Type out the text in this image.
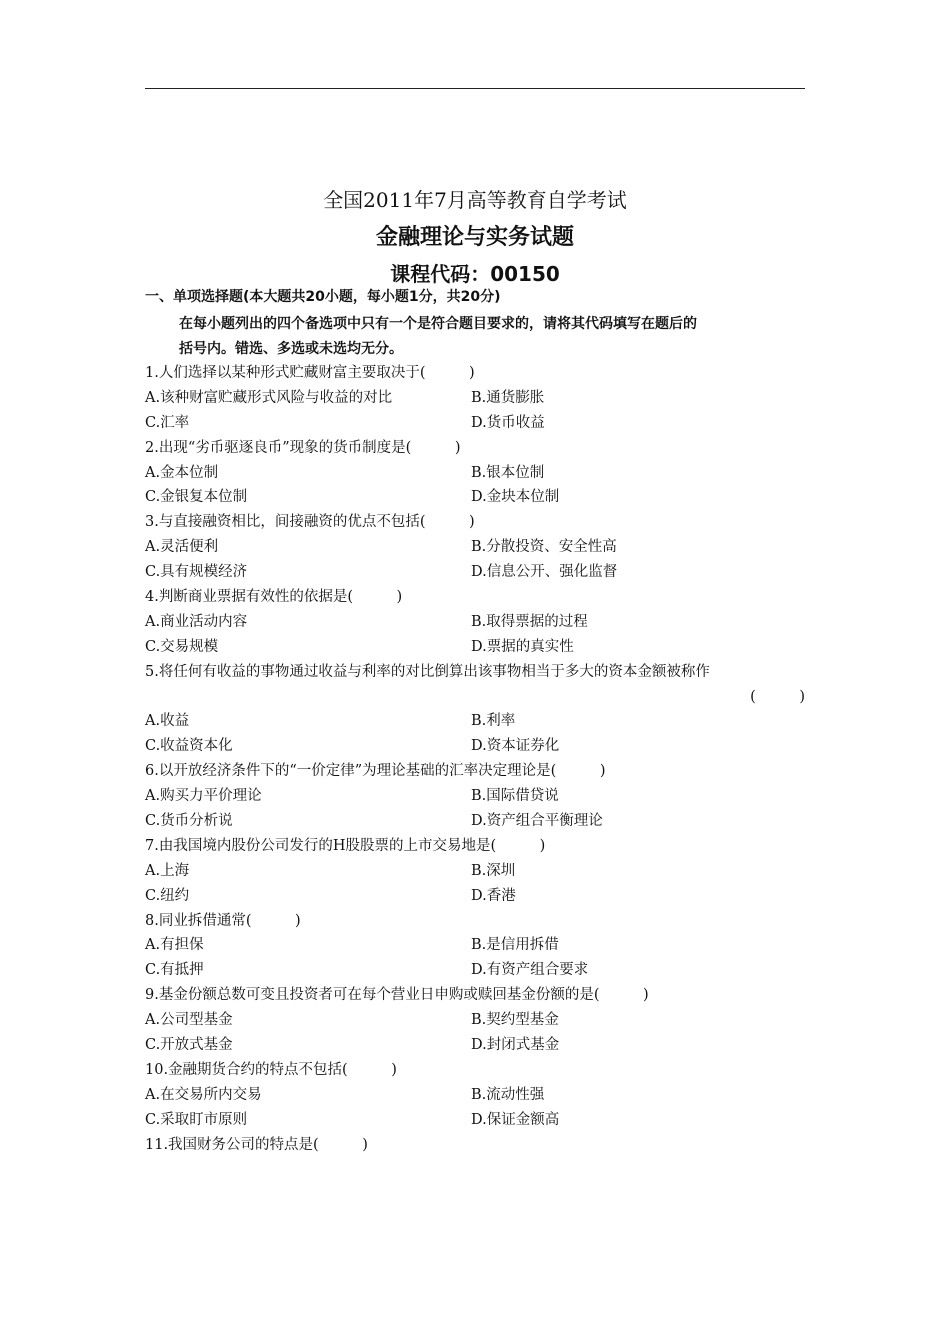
全国2011年7月高等教育自学考试
金融理论与实务试题
课程代码：00150
一、单项选择题(本大题共20小题，每小题1分，共20分)
在每小题列出的四个备选项中只有一个是符合题目要求的，请将其代码填写在题后的
括号内。错选、多选或未选均无分。
1.人们选择以某种形式贮藏财富主要取决于(　　　)
A.该种财富贮藏形式风险与收益的对比	B.通货膨胀
C.汇率	D.货币收益
2.出现“劣币驱逐良币”现象的货币制度是(　　　)
A.金本位制	B.银本位制
C.金银复本位制	D.金块本位制
3.与直接融资相比，间接融资的优点不包括(　　　)
A.灵活便利	B.分散投资、安全性高
C.具有规模经济	D.信息公开、强化监督
4.判断商业票据有效性的依据是(　　　)
A.商业活动内容	B.取得票据的过程
C.交易规模	D.票据的真实性
5.将任何有收益的事物通过收益与利率的对比倒算出该事物相当于多大的资本金额被称作
(　　　)
A.收益	B.利率
C.收益资本化	D.资本证券化
6.以开放经济条件下的“一价定律”为理论基础的汇率决定理论是(　　　)
A.购买力平价理论	B.国际借贷说
C.货币分析说	D.资产组合平衡理论
7.由我国境内股份公司发行的H股股票的上市交易地是(　　　)
A.上海	B.深圳
C.纽约	D.香港
8.同业拆借通常(　　　)
A.有担保	B.是信用拆借
C.有抵押	D.有资产组合要求
9.基金份额总数可变且投资者可在每个营业日申购或赎回基金份额的是(　　　)
A.公司型基金	B.契约型基金
C.开放式基金	D.封闭式基金
10.金融期货合约的特点不包括(　　　)
A.在交易所内交易	B.流动性强
C.采取盯市原则	D.保证金额高
11.我国财务公司的特点是(　　　)
